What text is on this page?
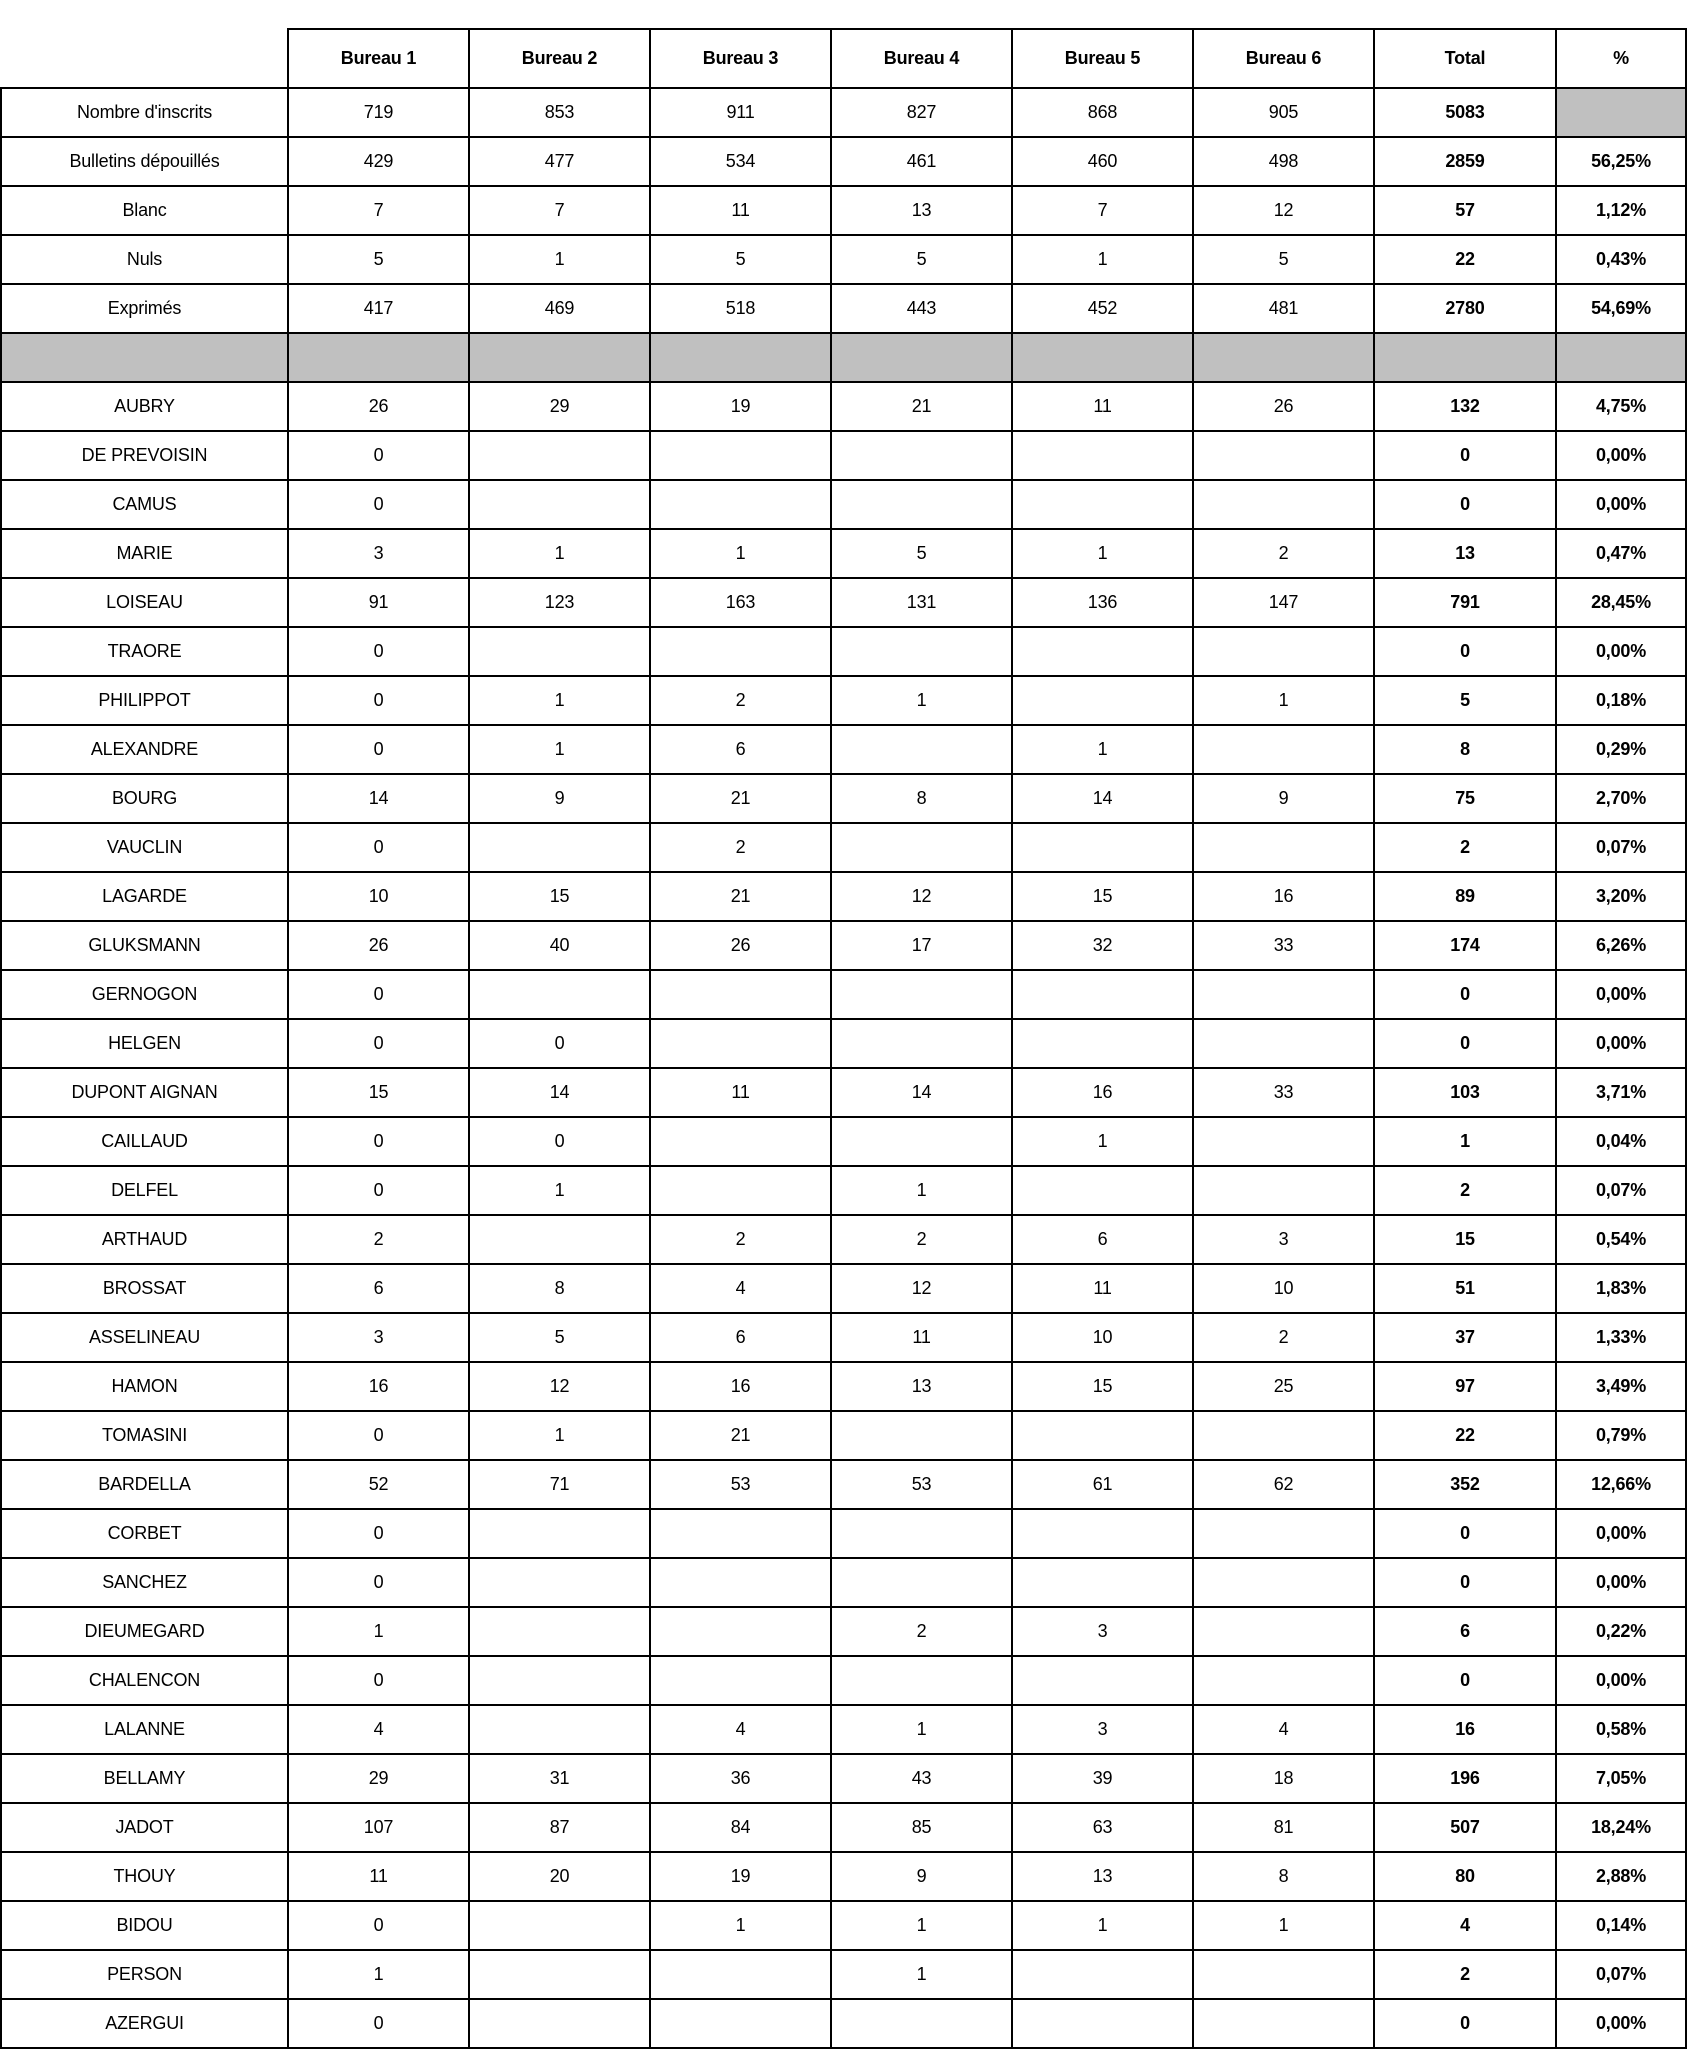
	Bureau 1	Bureau 2	Bureau 3	Bureau 4	Bureau 5	Bureau 6	Total	%
Nombre d'inscrits	719	853	911	827	868	905	5083	
Bulletins dépouillés	429	477	534	461	460	498	2859	56,25%
Blanc	7	7	11	13	7	12	57	1,12%
Nuls	5	1	5	5	1	5	22	0,43%
Exprimés	417	469	518	443	452	481	2780	54,69%

AUBRY	26	29	19	21	11	26	132	4,75%
DE PREVOISIN	0						0	0,00%
CAMUS	0						0	0,00%
MARIE	3	1	1	5	1	2	13	0,47%
LOISEAU	91	123	163	131	136	147	791	28,45%
TRAORE	0						0	0,00%
PHILIPPOT	0	1	2	1		1	5	0,18%
ALEXANDRE	0	1	6		1		8	0,29%
BOURG	14	9	21	8	14	9	75	2,70%
VAUCLIN	0		2				2	0,07%
LAGARDE	10	15	21	12	15	16	89	3,20%
GLUKSMANN	26	40	26	17	32	33	174	6,26%
GERNOGON	0						0	0,00%
HELGEN	0	0					0	0,00%
DUPONT AIGNAN	15	14	11	14	16	33	103	3,71%
CAILLAUD	0	0			1		1	0,04%
DELFEL	0	1		1			2	0,07%
ARTHAUD	2		2	2	6	3	15	0,54%
BROSSAT	6	8	4	12	11	10	51	1,83%
ASSELINEAU	3	5	6	11	10	2	37	1,33%
HAMON	16	12	16	13	15	25	97	3,49%
TOMASINI	0	1	21				22	0,79%
BARDELLA	52	71	53	53	61	62	352	12,66%
CORBET	0						0	0,00%
SANCHEZ	0						0	0,00%
DIEUMEGARD	1			2	3		6	0,22%
CHALENCON	0						0	0,00%
LALANNE	4		4	1	3	4	16	0,58%
BELLAMY	29	31	36	43	39	18	196	7,05%
JADOT	107	87	84	85	63	81	507	18,24%
THOUY	11	20	19	9	13	8	80	2,88%
BIDOU	0		1	1	1	1	4	0,14%
PERSON	1			1			2	0,07%
AZERGUI	0						0	0,00%
